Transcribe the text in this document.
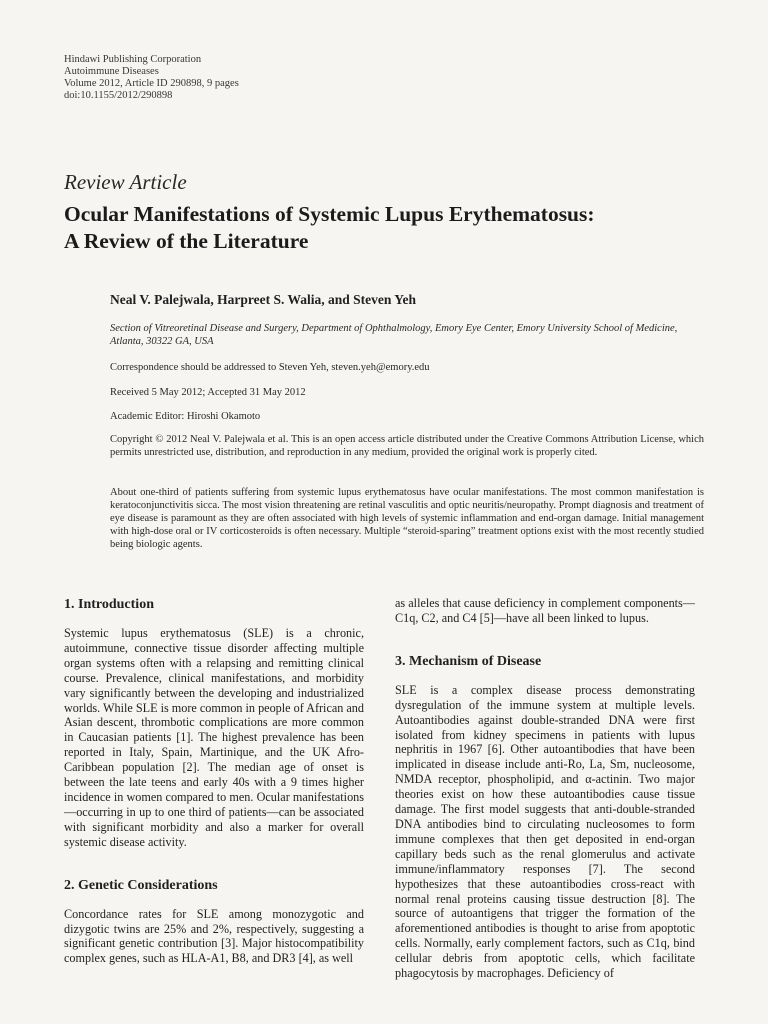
Hindawi Publishing Corporation
Autoimmune Diseases
Volume 2012, Article ID 290898, 9 pages
doi:10.1155/2012/290898
Review Article
Ocular Manifestations of Systemic Lupus Erythematosus:
A Review of the Literature
Neal V. Palejwala, Harpreet S. Walia, and Steven Yeh
Section of Vitreoretinal Disease and Surgery, Department of Ophthalmology, Emory Eye Center, Emory University School of Medicine, Atlanta, 30322 GA, USA
Correspondence should be addressed to Steven Yeh, steven.yeh@emory.edu
Received 5 May 2012; Accepted 31 May 2012
Academic Editor: Hiroshi Okamoto
Copyright © 2012 Neal V. Palejwala et al. This is an open access article distributed under the Creative Commons Attribution License, which permits unrestricted use, distribution, and reproduction in any medium, provided the original work is properly cited.
About one-third of patients suffering from systemic lupus erythematosus have ocular manifestations. The most common manifestation is keratoconjunctivitis sicca. The most vision threatening are retinal vasculitis and optic neuritis/neuropathy. Prompt diagnosis and treatment of eye disease is paramount as they are often associated with high levels of systemic inflammation and end-organ damage. Initial management with high-dose oral or IV corticosteroids is often necessary. Multiple “steroid-sparing” treatment options exist with the most recently studied being biologic agents.
1. Introduction

Systemic lupus erythematosus (SLE) is a chronic, autoimmune, connective tissue disorder affecting multiple organ systems often with a relapsing and remitting clinical course. Prevalence, clinical manifestations, and morbidity vary significantly between the developing and industrialized worlds. While SLE is more common in people of African and Asian descent, thrombotic complications are more common in Caucasian patients [1]. The highest prevalence has been reported in Italy, Spain, Martinique, and the UK Afro-Caribbean population [2]. The median age of onset is between the late teens and early 40s with a 9 times higher incidence in women compared to men. Ocular manifestations—occurring in up to one third of patients—can be associated with significant morbidity and also a marker for overall systemic disease activity.

2. Genetic Considerations

Concordance rates for SLE among monozygotic and dizygotic twins are 25% and 2%, respectively, suggesting a significant genetic contribution [3]. Major histocompatibility complex genes, such as HLA-A1, B8, and DR3 [4], as well

as alleles that cause deficiency in complement components—C1q, C2, and C4 [5]—have all been linked to lupus.

3. Mechanism of Disease

SLE is a complex disease process demonstrating dysregulation of the immune system at multiple levels. Autoantibodies against double-stranded DNA were first isolated from kidney specimens in patients with lupus nephritis in 1967 [6]. Other autoantibodies that have been implicated in disease include anti-Ro, La, Sm, nucleosome, NMDA receptor, phospholipid, and α-actinin. Two major theories exist on how these autoantibodies cause tissue damage. The first model suggests that anti-double-stranded DNA antibodies bind to circulating nucleosomes to form immune complexes that then get deposited in end-organ capillary beds such as the renal glomerulus and activate immune/inflammatory responses [7]. The second hypothesizes that these autoantibodies cross-react with normal renal proteins causing tissue destruction [8]. The source of autoantigens that trigger the formation of the aforementioned antibodies is thought to arise from apoptotic cells. Normally, early complement factors, such as C1q, bind cellular debris from apoptotic cells, which facilitate phagocytosis by macrophages. Deficiency of
